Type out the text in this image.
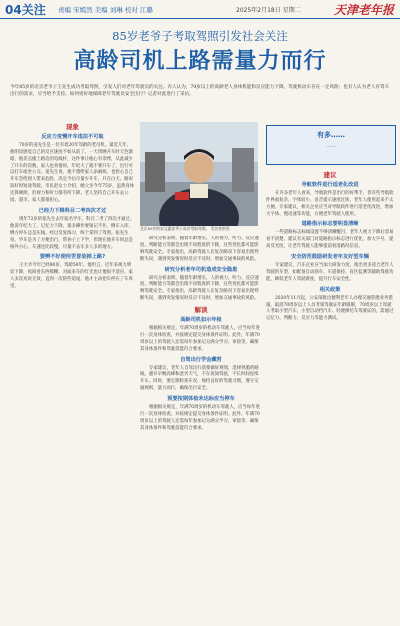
04关注 责编 宋嫣然 美编 刘琳 校对 江璐	2025年2月18日 星期二	天津老年报
85岁老爷子考取驾照引发社会关注
高龄司机上路需量力而行

今年85岁的北京老爷子王先生成功考取驾照，引发人们对老年驾驶员的关注。有人认为，70岁以上的高龄老人身体机能和反应能力下降，驾驶机动车存在一定风险；也有人认为老人有驾车出行的需求，应当给予支持。如何更好地保障老年驾驶员安全出行？记者对此进行了采访。

现象
反应力变慢开车违法不可取

70岁的姜先生是一位有着20年驾龄的老司机。最近几年，他明显感觉自己的反应速度不如从前了。一天傍晚开车时天色渐暗，他差点撞上路边的电线杆，这件事让他心有余悸，从此减少了开车的次数。家人也劝他说，年纪大了就不要开车了，出行可以打车或坐公交。姜先生说，他不想给家人添麻烦，也担心自己开车会给别人带来危险，决定今后尽量少开车，只在白天、路况较好时短途驾驶。市民赵女士介绍，她父亲今年75岁，虽然身体还算硬朗，但视力和听力都有所下降。老人坚持自己开车去公园、超市，家人都很担心。

已经力下降科目二考四次才过

现年72岁的张先生去年报名学车，科目二考了四次才通过。他说年纪大了，记忆力下降，很多操作要领记不住，倒车入库、侧方停车总是压线。经过反复练习，终于拿到了驾照。张先生说，学车是为了方便出行，带孙子上下学，但现在他开车时总是格外小心，车速也比较慢，尽量不去车多人多的地方。

要辨不好使何苦冒故掉上路?

王大爷今年已经80岁，驾龄50年。他坦言，近年来视力明显下降，夜间看东西模糊，对面来车的灯光也让他很不适应。家人多次劝说无效，直到一次险些追尾，他才主动把车停在了车库里。

北京85岁的宋文惠老爷子成功考取驾照。 受访者供图

研究分析表明，随着年龄增长，人的视力、听力、反应速度、判断能力等都会出现不同程度的下降，这些变化都可能影响驾驶安全。专家指出，高龄驾驶人在复杂路况下容易出现判断失误，遇到突发情况时反应不及时，增加交通事故的风险。

研究分析老年司机造成安全隐患

研究分析表明，随着年龄增长，人的视力、听力、反应速度、判断能力等都会出现不同程度的下降，这些变化都可能影响驾驶安全。专家指出，高龄驾驶人在复杂路况下容易出现判断失误，遇到突发情况时反应不及时，增加交通事故的风险。

解读
高龄司机如示年检

根据相关规定，年满70周岁的机动车驾驶人，应当每年进行一次身体检查，并按规定提交身体条件证明。此外，年满70周岁以上的驾驶人还需每年参加记分满分学习、审验等，确保其身体条件和驾驶技能符合要求。

自驾出行学会藏哲

专家建议，老年人自驾出行前要做好规划，选择熟悉的路线，避开早晚高峰和恶劣天气，不在夜间驾驶，不长时间连续开车。同时，要定期检查车况，保持良好的驾驶习惯，遵守交通规则，量力而行，确保出行安全。

预要按期体检未达标应当停车

根据相关规定，年满70周岁的机动车驾驶人，应当每年进行一次身体检查，并按规定提交身体条件证明。此外，年满70周岁以上的驾驶人还需每年参加记分满分学习、审验等，确保其身体条件和驾驶技能符合要求。

建议
导航软件进行适老化改进

在许多老年人看来，导航软件是出行的好帮手，但有些导航软件界面复杂、字体较小，语音提示速度过快，老年人使用起来不太方便。专家建议，相关企业应当对导航软件进行适老化改进，增加大字体、慢语速等功能，方便老年驾驶人使用。

道路指示标志要明显清晰

一些道路标志标线设置不够清晰醒目，老年人视力下降后容易看不清楚。建议有关部门对道路指示标志进行优化，加大字号、提高反光度，让老年驾驶人能够提前看清路况信息。

安全防范鼓励研发老年友好型车辆

专家建议，汽车企业应当加大研发力度，推出更多适合老年人驾驶的车型，如配备自动刹车、车道保持、盲区监测等辅助驾驶功能，降低老年人驾驶难度，提升行车安全性。

相关政策

2020年11月起，公安部推出便利老年人办理交通管理业务措施，取消70周岁以上人员考领驾驶证年龄限制，70周岁以上驾驶人考取小型汽车、小型自动挡汽车、轻便摩托车驾驶证的，需通过记忆力、判断力、反应力等能力测试。

有多……
……
